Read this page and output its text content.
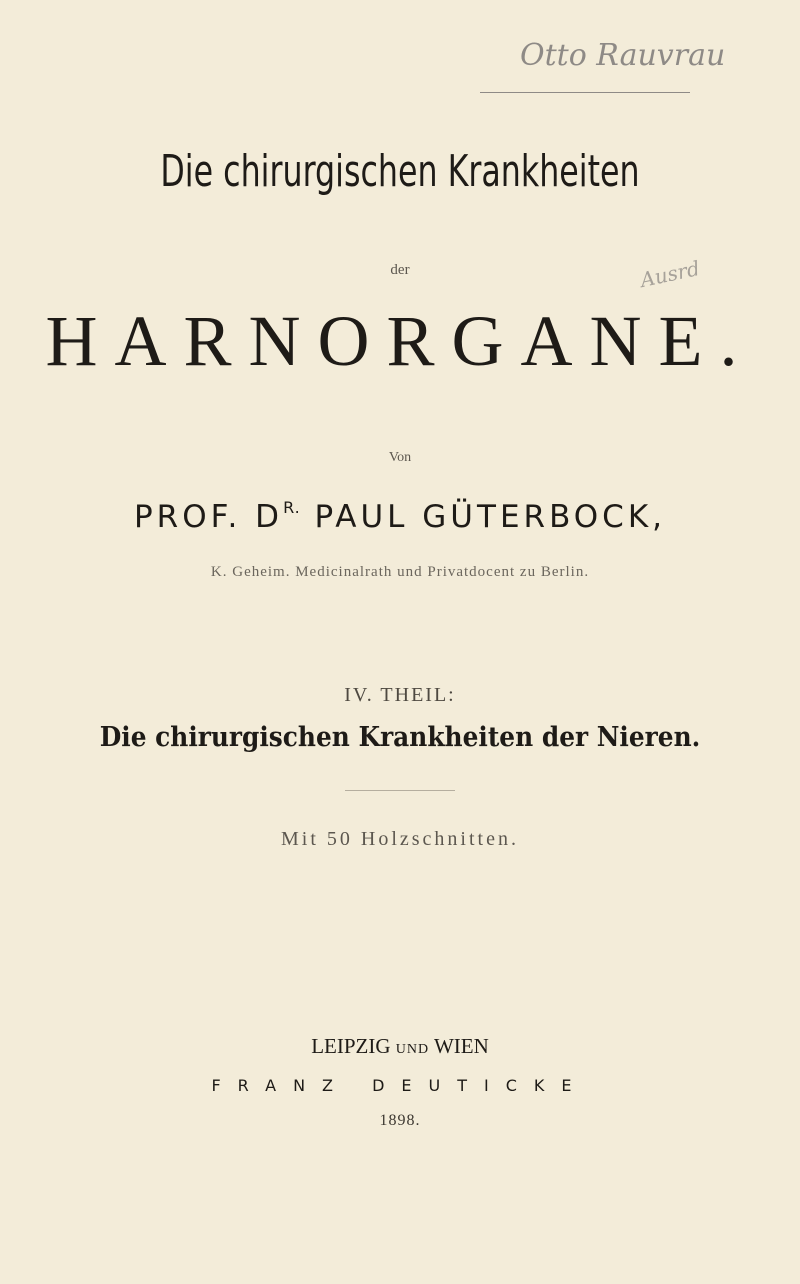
Otto Rauvrau
Ausrd
Die chirurgischen Krankheiten
der
HARNORGANE.
Von
PROF. $D^{R.}$ PAUL GÜTERBOCK,
K. Geheim. Medicinalrath und Privatdocent zu Berlin.
IV. THEIL:
Die chirurgischen Krankheiten der Nieren.
Mit 50 Holzschnitten.
LEIPZIG UND WIEN
FRANZ DEUTICKE
1898.
